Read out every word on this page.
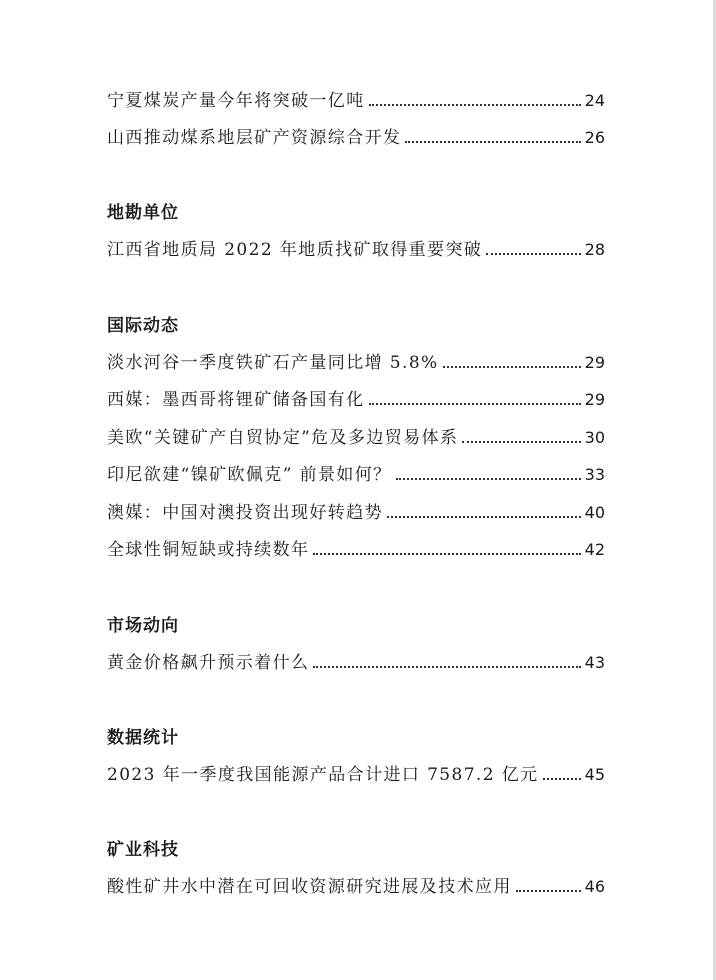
宁夏煤炭产量今年将突破一亿吨	24
山西推动煤系地层矿产资源综合开发	26
地勘单位
江西省地质局 2022 年地质找矿取得重要突破	28
国际动态
淡水河谷一季度铁矿石产量同比增 5.8%	29
西媒：墨西哥将锂矿储备国有化	29
美欧“关键矿产自贸协定”危及多边贸易体系	30
印尼欲建“镍矿欧佩克” 前景如何？	33
澳媒：中国对澳投资出现好转趋势	40
全球性铜短缺或持续数年	42
市场动向
黄金价格飙升预示着什么	43
数据统计
2023 年一季度我国能源产品合计进口 7587.2 亿元	45
矿业科技
酸性矿井水中潜在可回收资源研究进展及技术应用	46
